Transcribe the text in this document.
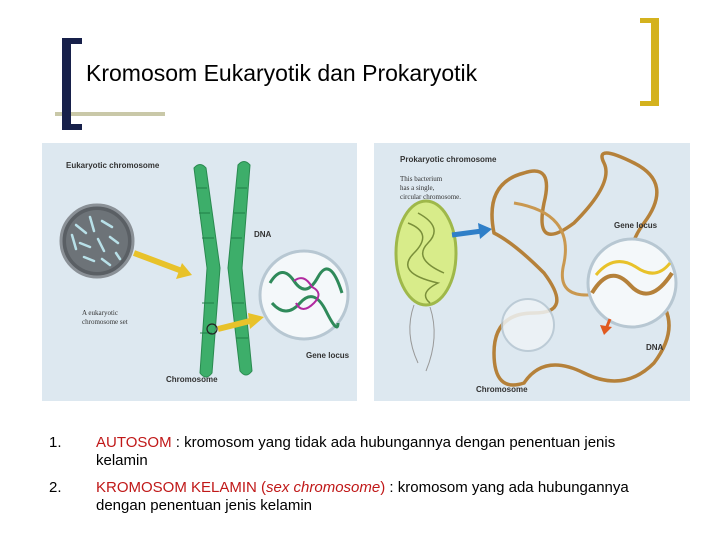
Kromosom Eukaryotik dan Prokaryotik
Eukaryotic chromosome
DNA
Gene locus
Chromosome
A eukaryotic
chromosome set
Prokaryotic chromosome
This bacterium
has a single,
circular chromosome.
Gene locus
DNA
Chromosome
1. AUTOSOM : kromosom yang tidak ada hubungannya dengan penentuan jenis kelamin
2. KROMOSOM KELAMIN (sex chromosome) : kromosom yang ada hubungannya dengan penentuan jenis kelamin
